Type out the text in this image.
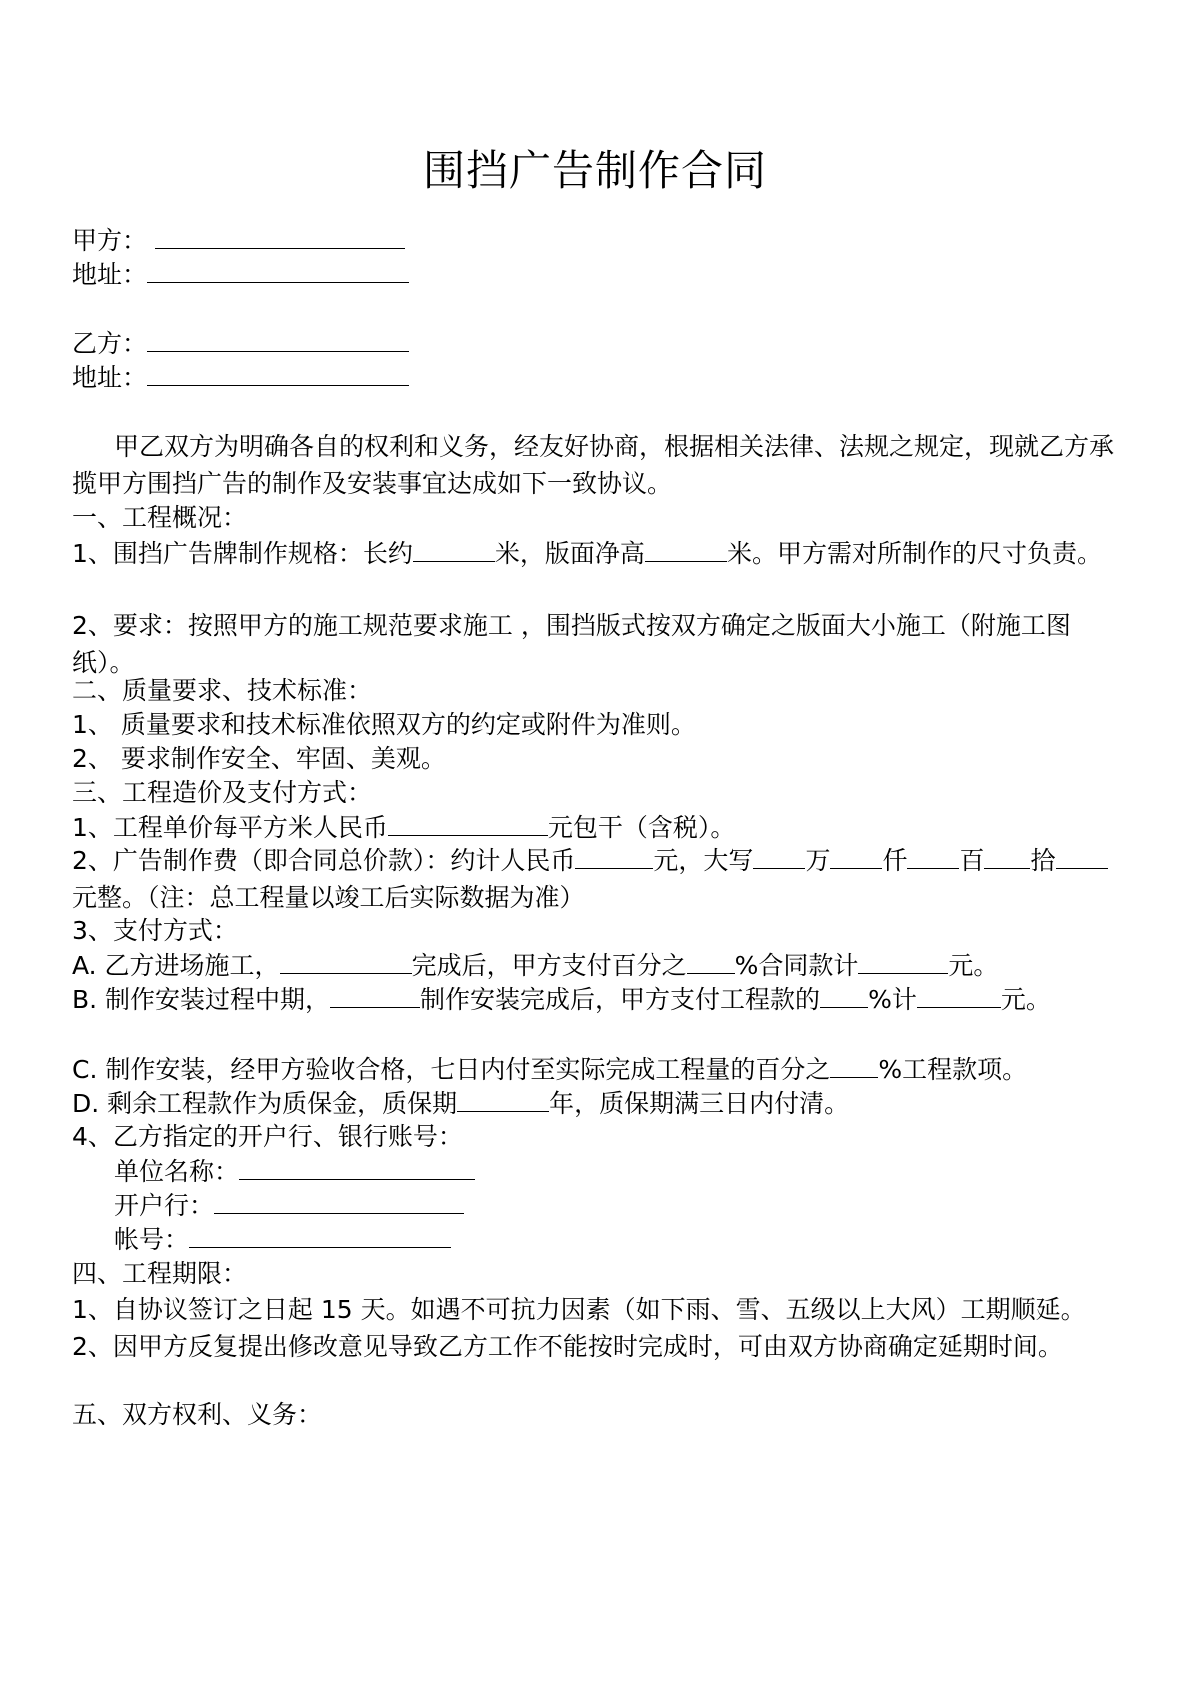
围挡广告制作合同
甲方：
地址：
乙方：
地址：
甲乙双方为明确各自的权利和义务，经友好协商，根据相关法律、法规之规定，现就乙方承揽甲方围挡广告的制作及安装事宜达成如下一致协议。
一、工程概况：
1、围挡广告牌制作规格：长约	米，版面净高	米。甲方需对所制作的尺寸负责。
2、要求：按照甲方的施工规范要求施工 ，围挡版式按双方确定之版面大小施工（附施工图纸）。
二、质量要求、技术标准：
1、 质量要求和技术标准依照双方的约定或附件为准则。
2、 要求制作安全、牢固、美观。
三、工程造价及支付方式：
1、工程单价每平方米人民币	元包干（含税）。
2、广告制作费（即合同总价款）：约计人民币	元，大写 万 仟 百 拾元整。（注：总工程量以竣工后实际数据为准）
3、支付方式：
A. 乙方进场施工，	完成后，甲方支付百分之 %合同款计	元。
B. 制作安装过程中期，	制作安装完成后，甲方支付工程款的 %计	元。
C. 制作安装，经甲方验收合格，七日内付至实际完成工程量的百分之 %工程款项。
D. 剩余工程款作为质保金，质保期	年，质保期满三日内付清。
4、乙方指定的开户行、银行账号：
单位名称：
开户行：
帐号：
四、工程期限：
1、自协议签订之日起 15 天。如遇不可抗力因素（如下雨、雪、五级以上大风）工期顺延。2、因甲方反复提出修改意见导致乙方工作不能按时完成时，可由双方协商确定延期时间。
五、双方权利、义务：
